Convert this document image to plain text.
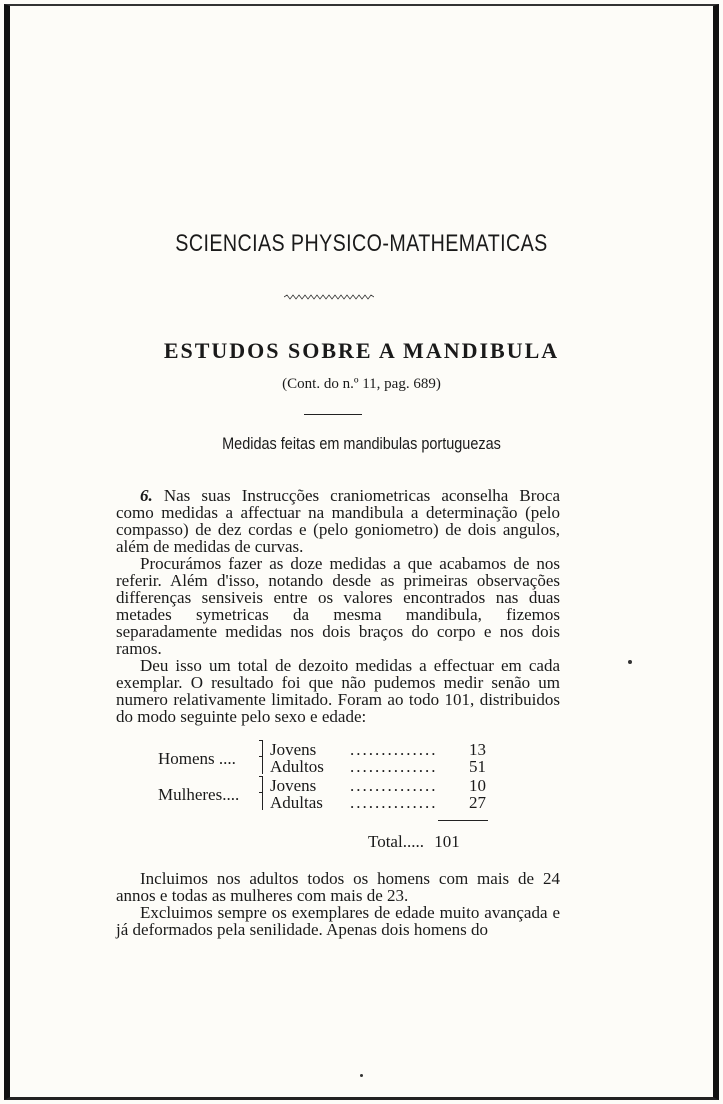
SCIENCIAS PHYSICO-MATHEMATICAS
ESTUDOS SOBRE A MANDIBULA
(Cont. do n.º 11, pag. 689)
Medidas feitas em mandibulas portuguezas

6. Nas suas Instrucções craniometricas aconselha Broca como medidas a affectuar na mandibula a determinação (pelo compasso) de dez cordas e (pelo goniometro) de dois angulos, além de medidas de curvas.

Procurámos fazer as doze medidas a que acabamos de nos referir. Além d'isso, notando desde as primeiras observações differenças sensiveis entre os valores encontrados nas duas metades symetricas da mesma mandibula, fizemos separadamente medidas nos dois braços do corpo e nos dois ramos.

Deu isso um total de dezoito medidas a effectuar em cada exemplar. O resultado foi que não pudemos medir senão um numero relativamente limitado. Foram ao todo 101, distribuidos do modo seguinte pelo sexo e edade:

Homens .... Jovens ..............	13
Adultos ..............	51
Mulheres.... Jovens ..............	10
Adultas ..............	27
Total..... 101

Incluimos nos adultos todos os homens com mais de 24 annos e todas as mulheres com mais de 23.

Excluimos sempre os exemplares de edade muito avançada e já deformados pela senilidade. Apenas dois homens do
